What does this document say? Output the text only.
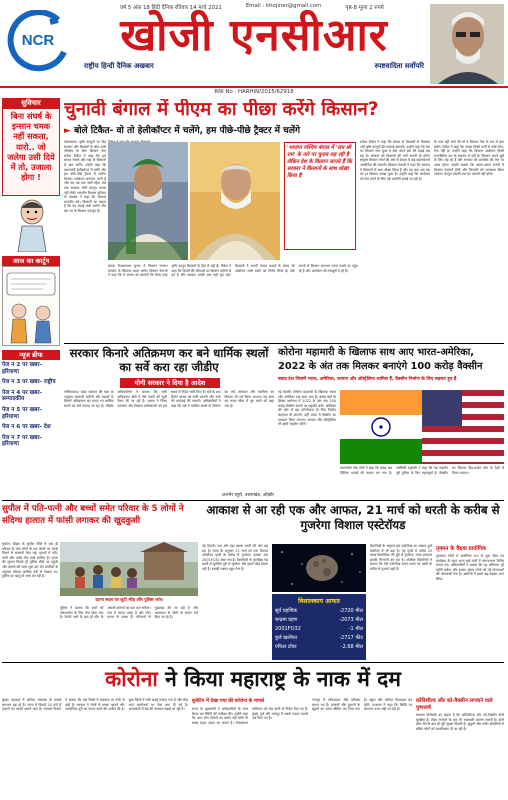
वर्ष 5 अंक 18 हिंदी दैनिक रविवार 14 मार्च 2021	Email : khojiner@gmail.com	पृष्ठ-8 मूल्य 2 रुपये
NCR	खोजी एनसीआर
राष्ट्रीय हिन्दी दैनिक अखबार	स्पष्टवादिता सर्वोपरि
RNI No : HARHIN/2015/62918
सुविचार
बिना संघर्ष के इन्सान चमक नहीं सकता, यारो.. जो जलेगा उसी दिये में तो, उजाला होगा !
आज का कार्टून
न्यूज ब्रीफ
पेज न 2 पर खबर- हरियाणा
पेज न 3 पर खबर- राष्ट्रीय
पेज न 4 पर खबर- सम्पादकीय
पेज न 5 पर खबर- हरियाणा
पेज न 6 पर खबर- देश
पेज न 7 पर खबर- हरियाणा
चुनावी बंगाल में पीएम का पीछा करेंगे किसान?
► बोले टिकैत- वो तो हेलीकॉप्टर में चलेंगे, हम पीछे-पीछे ट्रैक्टर में चलेंगे
कोलकाता। कृषि कानूनों पर केंद्र सरकार और किसानों के बीच जारी गतिरोध के बीच किसान नेता राकेश टिकैत ने कहा कि हम बंगाल जाएंगे और वहां के किसानों से बात करेंगे। उन्होंने कहा कि प्रधानमंत्री हेलीकॉप्टर में चलेंगे और हम पीछे-पीछे ट्रैक्टर में चलेंगे। किसान आंदोलन लगातार जारी है और यह तब तक जारी रहेगा जब तक सरकार तीनों कानून वापस नहीं लेती। भारतीय किसान यूनियन के प्रवक्ता ने कहा कि सरकार बातचीत करे। किसानों का कहना है कि यह लड़ाई लंबी चलेगी और देश भर के किसान एकजुट हैं।
'भाजपा पश्चिम बंगाल में 'जय श्री राम' के नारे पर चुनाव लड़ रही है लेकिन देश के किसान जानते हैं कि सरकार ने किसानों के साथ धोखा किया है'
राकेश टिकैत ने कहा कि बंगाल के किसानों से मिलकर उन्हें कृषि कानूनों की सच्चाई बताएंगे। उन्होंने कहा कि देश का किसान जाग चुका है और अपने हक की लड़ाई लड़ रहा है। सरकार को किसानों की मांगें माननी ही होंगी। संयुक्त किसान मोर्चा की ओर से बंगाल में कई महापंचायतें आयोजित की जाएंगी। किसान नेताओं ने कहा कि सरकार ने किसानों के साथ धोखा किया है और यह बात अब देश का हर किसान समझ चुका है। उन्होंने कहा कि आंदोलन को तेज करने के लिए नई रणनीति बनाई जा रही है।
के पास नहीं जाने देंगे तो वे किसान नेता के रूप में बात करेंगे। टिकैत ने कहा कि उनका किसी पार्टी से कोई लेना-देना नहीं है। उन्होंने कहा कि किसान आंदोलन किसी राजनीतिक दल के समर्थन में नहीं है। किसान अपने मुद्दों के लिए लड़ रहे हैं और सरकार को बातचीत की मेज पर आना होगा। उन्होंने बताया कि अलग-अलग राज्यों में किसान पंचायतें होंगी और किसानों को जागरूक किया जाएगा। कानून वापसी तक घर वापसी नहीं होगी।
बंगाल विधानसभा चुनाव में किसान संगठन सरकार के खिलाफ प्रचार करेंगे। किसान नेताओं ने कहा कि वे जनता को बताएंगे कि किस तरह कृषि कानून किसानों के हित में नहीं हैं। टिकैत ने कहा कि दिल्ली की सीमाओं पर किसान महीनों से डटे हैं और सरकार उनकी बात नहीं सुन रही। किसानों ने अपनी फसल कटाई के समय भी आंदोलन जारी रखने का निर्णय लिया है। कई राज्यों से किसान लगातार धरना स्थलों पर पहुंच रहे हैं और आंदोलन को मजबूती दे रहे हैं।
सरकार किनारे अतिक्रमण कर बने धार्मिक स्थलों का सर्वे करा रहा जीडीए
योगी सरकार ने दिया है आदेश
गाजियाबाद। प्रदेश सरकार की मंशा के अनुसार सरकारी जमीनों और सड़कों के किनारे अतिक्रमण कर बनाए गए धार्मिक स्थलों का सर्वे कराया जा रहा है। जीडीए अधिकारियों ने बताया कि सभी प्राधिकरण क्षेत्रों में ऐसे स्थलों की सूची तैयार की जा रही है। शासन ने जिला प्रशासन और विकास प्राधिकरणों को इस संबंध में निर्देश जारी किए हैं। सर्वे के बाद रिपोर्ट शासन को भेजी जाएगी और आगे की कार्रवाई की जाएगी। अधिकारियों ने कहा कि सर्वे में धार्मिक स्थलों के निर्माण का वर्ष, क्षेत्रफल और स्वामित्व का विवरण भी दर्ज किया जाएगा। यह काम तय समय सीमा में पूरा करने को कहा गया है।
अजमेर ब्यूरो, उत्तराखंड, ओझोर
कोरोना महामारी के खिलाफ साथ आए भारत-अमेरिका, 2022 के अंत तक मिलकर बनाएंगे 100 करोड़ वैक्सीन
क्वाड देश जिसमें भारत, अमेरिका, जापान और ऑस्ट्रेलिया शामिल हैं, वैक्सीन निर्माण के लिए सहमत हुए हैं
नई दिल्ली। कोरोना महामारी के खिलाफ भारत और अमेरिका एक साथ आए हैं। क्वाड देशों के शिखर सम्मेलन में 2022 के अंत तक 100 करोड़ वैक्सीन बनाने पर सहमति बनी। अमेरिका की ओर से इस परियोजना के लिए वित्तीय सहायता दी जाएगी, वहीं भारत में वैक्सीन का उत्पादन किया जाएगा। जापान और ऑस्ट्रेलिया भी इसमें सहयोग करेंगे।
प्रधानमंत्री नरेंद्र मोदी ने कहा कि क्वाड अब वैश्विक भलाई की ताकत बन गया है। अमेरिकी राष्ट्रपति ने कहा कि यह सहयोग पूरी दुनिया के लिए महत्वपूर्ण है। वैक्सीन का वितरण हिंद-प्रशांत क्षेत्र के देशों में किया जाएगा।
सुपौल में पति-पत्नी और बच्चों समेत परिवार के 5 लोगों ने संदिग्ध हालात में फांसी लगाकर की खुदकुशी
सुपौल। बिहार के सुपौल जिले में एक ही परिवार के पांच लोगों के शव फांसी पर लटके मिलने से सनसनी फैल गई। मृतकों में पति-पत्नी और उनके तीन बच्चे शामिल हैं। घटना की सूचना मिलते ही पुलिस मौके पर पहुंची और मामले की जांच शुरू कर दी। ग्रामीणों के अनुसार परिवार आर्थिक तंगी से परेशान था। पुलिस हर पहलू से जांच कर रही है।
घटना स्थल पर जुटी भीड़ और पुलिस जांच
पुलिस ने बताया कि शवों को पोस्टमार्टम के लिए भेज दिया गया है। रिपोर्ट आने के बाद ही मौत के असली कारणों का पता चल सकेगा। गांव में मातम पसरा है और लोग घटना से स्तब्ध हैं। परिजनों से पूछताछ की जा रही है और आसपास के लोगों के बयान दर्ज किए जा रहे हैं।
आकाश से आ रही एक और आफत, 21 मार्च को धरती के करीब से गुजरेगा विशाल एस्टेरॉयड
नई दिल्ली। एक और बड़ा खतरा धरती की ओर बढ़ रहा है। नासा के अनुसार 21 मार्च को एक विशाल एस्टेरॉयड पृथ्वी के करीब से गुजरेगा। इसका नाम 2001FO32 रखा गया है। वैज्ञानिकों के मुताबिक यह धरती से सुरक्षित दूरी से गुजरेगा और इससे कोई खतरा नहीं है। इसकी रफ्तार बहुत तेज है।
विशालकाय आफत
सूर्य ग्रहणिक	-2720 मील
चन्द्रमा ग्रहण	-2073 मील
2001FO32	-1 मील
बुर्ज खलीफा	-2717 फीट
एफिल टॉवर	-2.68 मील
वैज्ञानिकों के अनुसार इस एस्टेरॉयड का आकार बुर्ज खलीफा से भी बड़ा है। यह पृथ्वी से करीब 20 लाख किलोमीटर की दूरी से गुजरेगा। नासा लगातार इसकी निगरानी कर रहा है। अंतरिक्ष विज्ञानियों ने बताया कि ऐसे एस्टेरॉयड समय-समय पर धरती के करीब से गुजरते रहते हैं।
तृक्मन के वैध्रक प्रायोगिक
गुरुग्राम। जिले में प्रायोगिक रूप से शुरू किए गए कार्यक्रम के तहत आज कई गांवों में जागरूकता शिविर लगाए गए। अधिकारियों ने बताया कि यह अभियान पूरे महीने चलेगा और इसका उद्देश्य लोगों को नई योजनाओं की जानकारी देना है। ग्रामीणों ने इसमें बढ़-चढ़कर भाग लिया।
कोरोना ने किया महाराष्ट्र के नाक में दम
मुंबई। महाराष्ट्र में कोरोना संक्रमण के मामले लगातार बढ़ रहे हैं। राज्य में पिछले 24 घंटों में हजारों नए मामले सामने आए हैं। स्वास्थ्य विभाग ने बताया कि कई जिलों में संक्रमण दर तेजी से बढ़ी है। सरकार ने लोगों से मास्क पहनने और सामाजिक दूरी का पालन करने की अपील की है। कुछ जिलों में रात्रि कर्फ्यू लगाया गया है और भीड़ वाले आयोजनों पर रोक लगा दी गई है। अस्पतालों में बेड की व्यवस्था बढ़ाई जा रही है।
बुलेटिन में देखा गया की कोरोना के मामले
राज्य के मुख्यमंत्री ने अधिकारियों के साथ बैठक कर स्थिति की समीक्षा की। उन्होंने कहा कि अगर लोग नियमों का पालन नहीं करेंगे तो सख्त कदम उठाए जा सकते हैं। टीकाकरण अभियान को तेज करने के निर्देश दिए गए हैं। मुंबई, पुणे और नागपुर में सबसे ज्यादा मामले दर्ज किए गए हैं।
नागपुर में लॉकडाउन जैसे प्रतिबंध लगाए गए हैं। बाजारों और दुकानों के खुलने का समय सीमित कर दिया गया है। स्कूल और कॉलेज फिलहाल बंद रहेंगे। प्रशासन ने कहा कि स्थिति पर लगातार नजर रखी जा रही है।
कोविशील्ड और को-वैक्सीन लगवाने वाले पुष्पत्वर्ष
स्वास्थ्य विशेषज्ञों का कहना है कि कोविशील्ड और को-वैक्सीन दोनों सुरक्षित हैं। टीका लगवाने के बाद भी सावधानी बरतना जरूरी है। दोनों डोज लेने के बाद ही पूरी सुरक्षा मिलती है। बुजुर्गों और गंभीर बीमारियों से ग्रसित लोगों को प्राथमिकता दी जा रही है।
